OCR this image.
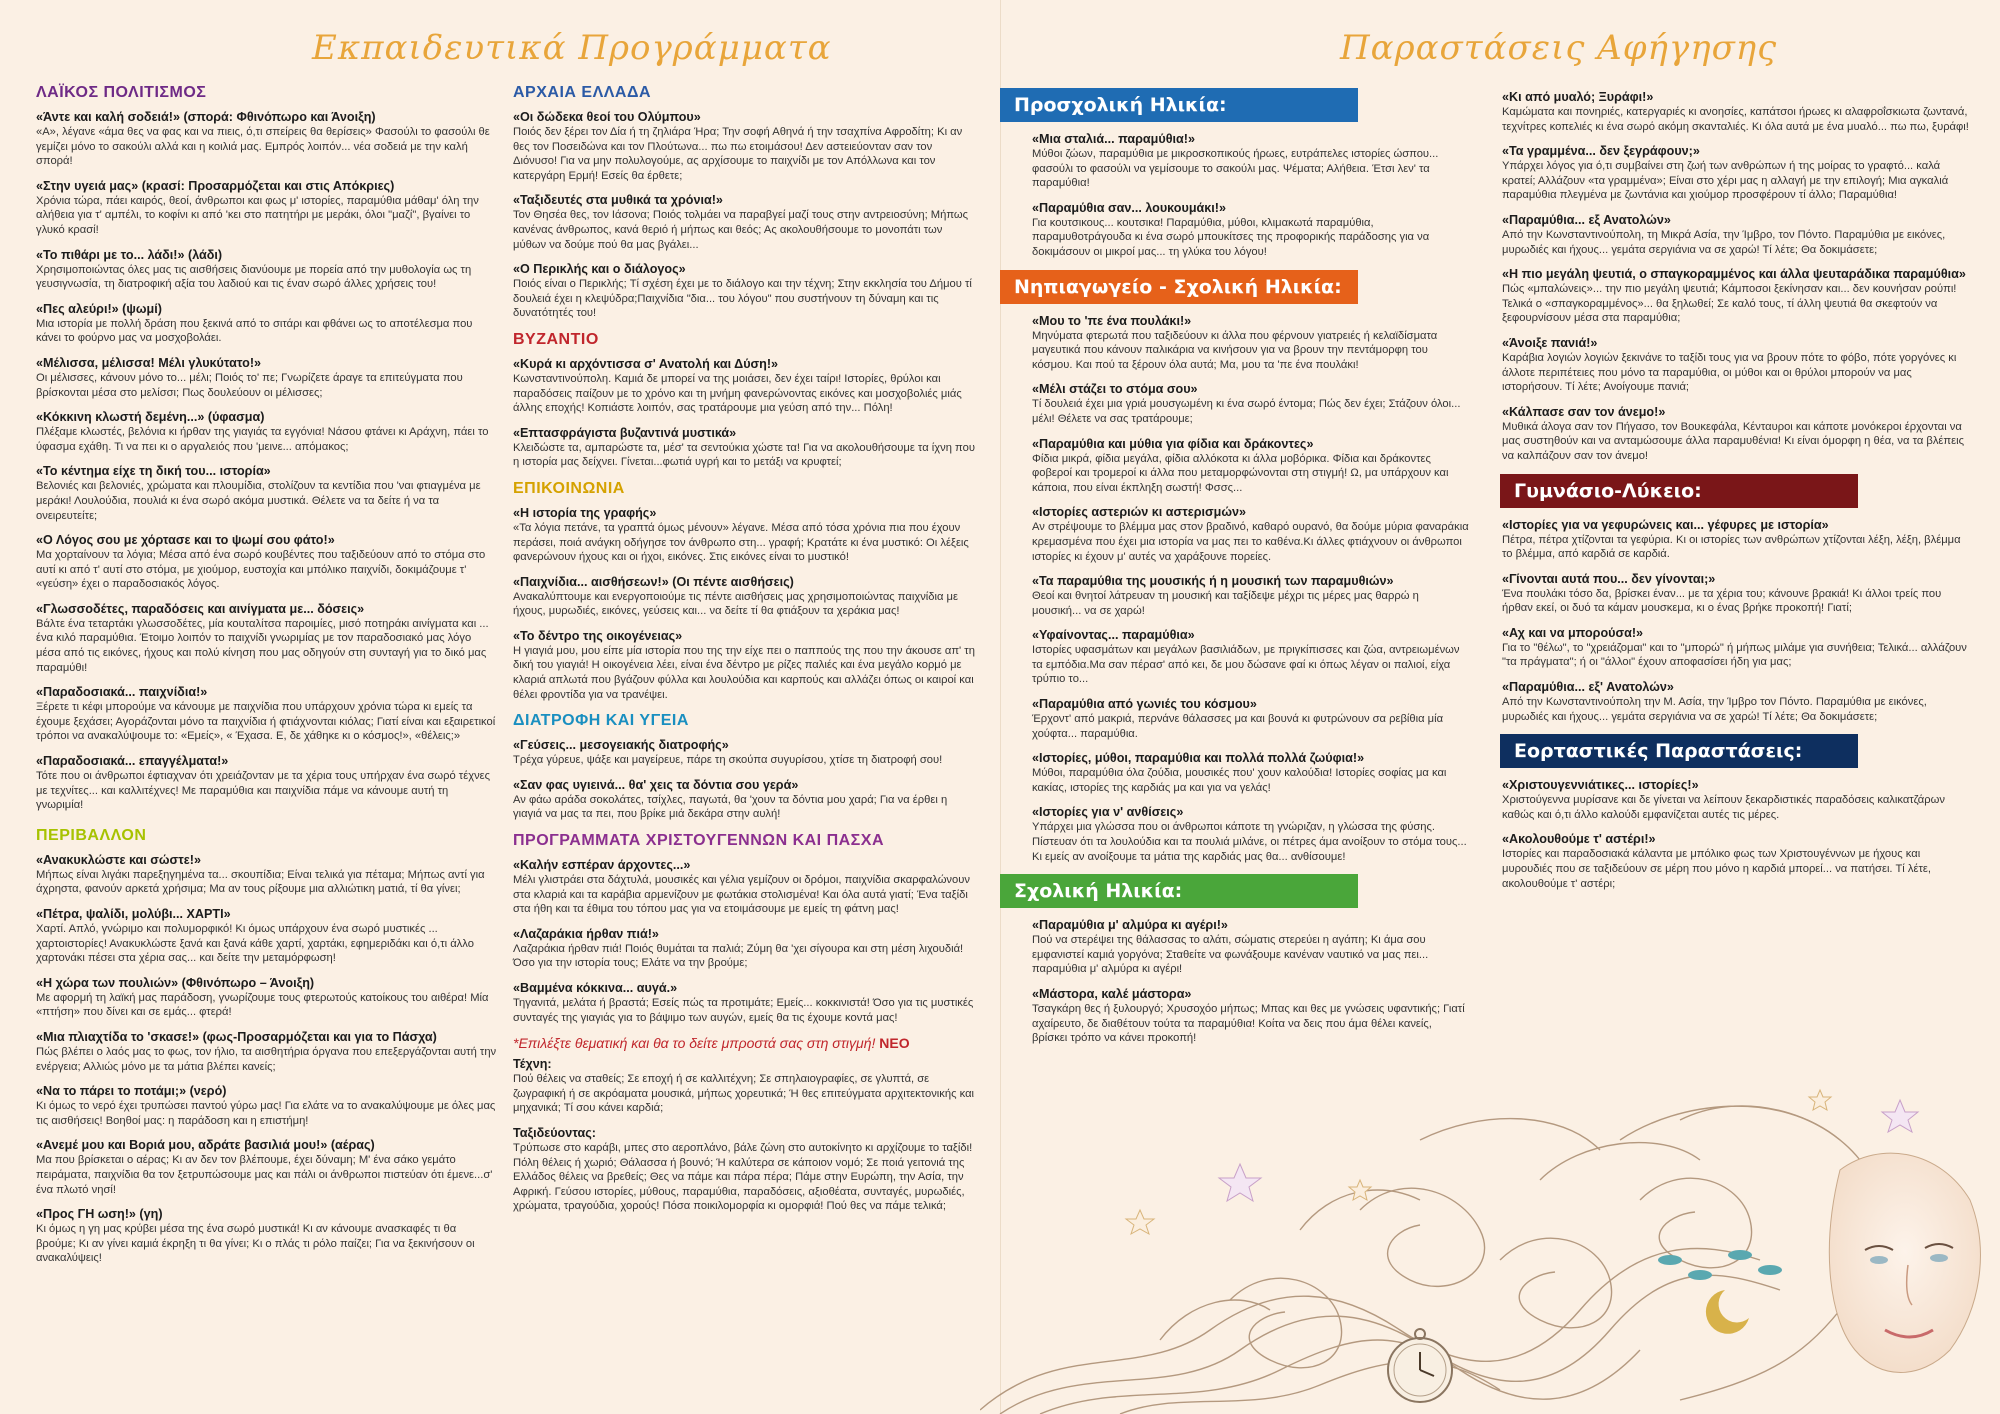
Εκπαιδευτικά Προγράμματα	Παραστάσεις Αφήγησης
ΛΑΪΚΟΣ ΠΟΛΙΤΙΣΜΟΣ
«Άντε και καλή σοδειά!» (σπορά: Φθινόπωρο και Άνοιξη)
«Α», λέγανε «άμα θες να φας και να πιεις, ό,τι σπείρεις θα θερίσεις» Φασούλι το φασούλι θε γεμίζει μόνο το σακούλι αλλά και η κοιλιά μας. Εμπρός λοιπόν... νέα σοδειά με την καλή σπορά!
«Στην υγειά μας» (κρασί: Προσαρμόζεται και στις Απόκριες)
Χρόνια τώρα, πάει καιρός, θεοί, άνθρωποι και φως μ' ιστορίες, παραμύθια μάθαμ' όλη την αλήθεια για τ' αμπέλι, το κοφίνι κι από 'κει στο πατητήρι με μεράκι, όλοι "μαζί", βγαίνει το γλυκό κρασί!
«Το πιθάρι με το... λάδι!» (λάδι)
Χρησιμοποιώντας όλες μας τις αισθήσεις διανύουμε με πορεία από την μυθολογία ως τη γευσιγνωσία, τη διατροφική αξία του λαδιού και τις έναν σωρό άλλες χρήσεις του!
«Πες αλεύρι!» (ψωμί)
Μια ιστορία με πολλή δράση που ξεκινά από το σιτάρι και φθάνει ως το αποτέλεσμα που κάνει το φούρνο μας να μοσχοβολάει.
«Μέλισσα, μέλισσα! Μέλι γλυκύτατο!»
Οι μέλισσες, κάνουν μόνο το... μέλι; Ποιός το' πε; Γνωρίζετε άραγε τα επιτεύγματα που βρίσκονται μέσα στο μελίσσι; Πως δουλεύουν οι μέλισσες;
«Κόκκινη κλωστή δεμένη...» (ύφασμα)
Πλέξαμε κλωστές, βελόνια κι ήρθαν της γιαγιάς τα εγγόνια! Νάσου φτάνει κι Αράχνη, πάει το ύφασμα εχάθη. Τι να πει κι ο αργαλειός που 'μεινε... απόμακος;
«Το κέντημα είχε τη δική του... ιστορία»
Βελονιές και βελονιές, χρώματα και πλουμίδια, στολίζουν τα κεντίδια που 'ναι φτιαγμένα με μεράκι! Λουλούδια, πουλιά κι ένα σωρό ακόμα μυστικά. Θέλετε να τα δείτε ή να τα ονειρευτείτε;
«Ο Λόγος σου με χόρτασε και το ψωμί σου φάτο!»
Μα χορταίνουν τα λόγια; Μέσα από ένα σωρό κουβέντες που ταξιδεύουν από το στόμα στο αυτί κι από τ' αυτί στο στόμα, με χιούμορ, ευστοχία και μπόλικο παιχνίδι, δοκιμάζουμε τ' «γεύση» έχει ο παραδοσιακός λόγος.
«Γλωσσοδέτες, παραδόσεις και αινίγματα με... δόσεις»
Βάλτε ένα τεταρτάκι γλωσσοδέτες, μία κουταλίτσα παροιμίες, μισό ποτηράκι αινίγματα και ... ένα κιλό παραμύθια. Έτοιμο λοιπόν το παιχνίδι γνωριμίας με τον παραδοσιακό μας λόγο μέσα από τις εικόνες, ήχους και πολύ κίνηση που μας οδηγούν στη συνταγή για το δικό μας παραμύθι!
«Παραδοσιακά... παιχνίδια!»
Ξέρετε τι κέφι μπορούμε να κάνουμε με παιχνίδια που υπάρχουν χρόνια τώρα κι εμείς τα έχουμε ξεχάσει; Αγοράζονται μόνο τα παιχνίδια ή φτιάχνονται κιόλας; Γιατί είναι και εξαιρετικοί τρόποι να ανακαλύψουμε το: «Εμείς», « Έχασα. Ε, δε χάθηκε κι ο κόσμος!», «θέλεις;»
«Παραδοσιακά... επαγγέλματα!»
Τότε που οι άνθρωποι έφτιαχναν ότι χρειάζονταν με τα χέρια τους υπήρχαν ένα σωρό τέχνες με τεχνίτες... και καλλιτέχνες! Με παραμύθια και παιχνίδια πάμε να κάνουμε αυτή τη γνωριμία!
ΠΕΡΙΒΑΛΛΟΝ
«Ανακυκλώστε και σώστε!»
Μήπως είναι λιγάκι παρεξηγημένα τα... σκουπίδια; Είναι τελικά για πέταμα; Μήπως αντί για άχρηστα, φανούν αρκετά χρήσιμα; Μα αν τους ρίξουμε μια αλλιώτικη ματιά, τί θα γίνει;
«Πέτρα, ψαλίδι, μολύβι... ΧΑΡΤΙ»
Χαρτί. Απλό, γνώριμο και πολυμορφικό! Κι όμως υπάρχουν ένα σωρό μυστικές ... χαρτοιστορίες! Ανακυκλώστε ξανά και ξανά κάθε χαρτί, χαρτάκι, εφημεριδάκι και ό,τι άλλο χαρτονάκι πέσει στα χέρια σας... και δείτε την μεταμόρφωση!
«Η χώρα των πουλιών» (Φθινόπωρο – Άνοιξη)
Με αφορμή τη λαϊκή μας παράδοση, γνωρίζουμε τους φτερωτούς κατοίκους του αιθέρα! Μία «πτήση» που δίνει και σε εμάς... φτερά!
«Μια πλιαχτίδα το 'σκασε!» (φως-Προσαρμόζεται και για το Πάσχα)
Πώς βλέπει ο λαός μας το φως, τον ήλιο, τα αισθητήρια όργανα που επεξεργάζονται αυτή την ενέργεια; Αλλιώς μόνο με τα μάτια βλέπει κανείς;
«Να το πάρει το ποτάμι;» (νερό)
Κι όμως το νερό έχει τρυπώσει παντού γύρω μας! Για ελάτε να το ανακαλύψουμε με όλες μας τις αισθήσεις! Βοηθοί μας: η παράδοση και η επιστήμη!
«Ανεμέ μου και Βοριά μου, αδράτε βασιλιά μου!» (αέρας)
Μα που βρίσκεται ο αέρας; Κι αν δεν τον βλέπουμε, έχει δύναμη; Μ' ένα σάκο γεμάτο πειράματα, παιχνίδια θα τον ξετρυπώσουμε μας και πάλι οι άνθρωποι πιστεύαν ότι έμενε...σ' ένα πλωτό νησί!
«Προς ΓΗ ωση!» (γη)
Κι όμως η γη μας κρύβει μέσα της ένα σωρό μυστικά! Κι αν κάνουμε ανασκαφές τι θα βρούμε; Κι αν γίνει καμιά έκρηξη τι θα γίνει; Κι ο πλάς τι ρόλο παίζει; Για να ξεκινήσουν οι ανακαλύψεις!
ΑΡΧΑΙΑ ΕΛΛΑΔΑ
«Οι δώδεκα θεοί του Ολύμπου»
Ποιός δεν ξέρει τον Δία ή τη ζηλιάρα Ήρα; Την σοφή Αθηνά ή την τσαχπίνα Αφροδίτη; Κι αν θες τον Ποσειδώνα και τον Πλούτωνα... πω πω ετοιμάσου! Δεν αστειεύονταν σαν τον Διόνυσο! Για να μην πολυλογούμε, ας αρχίσουμε το παιχνίδι με τον Απόλλωνα και τον κατεργάρη Ερμή! Εσείς θα έρθετε;
«Ταξιδευτές στα μυθικά τα χρόνια!»
Τον Θησέα θες, τον Ιάσονα; Ποιός τολμάει να παραβγεί μαζί τους στην αντρειοσύνη; Μήπως κανένας άνθρωπος, κανά θεριό ή μήπως και θεός; Ας ακολουθήσουμε το μονοπάτι των μύθων να δούμε πού θα μας βγάλει...
«Ο Περικλής και ο διάλογος»
Ποιός είναι ο Περικλής; Τί σχέση έχει με το διάλογο και την τέχνη; Στην εκκλησία του Δήμου τί δουλειά έχει η κλεψύδρα;Παιχνίδια "δια... του λόγου" που συστήνουν τη δύναμη και τις δυνατότητές του!
ΒΥΖΑΝΤΙΟ
«Κυρά κι αρχόντισσα σ' Ανατολή και Δύση!»
Κωνσταντινούπολη. Καμιά δε μπορεί να της μοιάσει, δεν έχει ταίρι! Ιστορίες, θρύλοι και παραδόσεις παίζουν με το χρόνο και τη μνήμη φανερώνοντας εικόνες και μοσχοβολιές μιάς άλλης εποχής! Κοπιάστε λοιπόν, σας τρατάρουμε μια γεύση από την... Πόλη!
«Επτασφράγιστα βυζαντινά μυστικά»
Κλειδώστε τα, αμπαρώστε τα, μέσ' τα σεντούκια χώστε τα! Για να ακολουθήσουμε τα ίχνη που η ιστορία μας δείχνει. Γίνεται...φωτιά υγρή και το μετάξι να κρυφτεί;
ΕΠΙΚΟΙΝΩΝΙΑ
«Η ιστορία της γραφής»
«Τα λόγια πετάνε, τα γραπτά όμως μένουν» λέγανε. Μέσα από τόσα χρόνια πια που έχουν περάσει, ποιά ανάγκη οδήγησε τον άνθρωπο στη... γραφή; Κρατάτε κι ένα μυστικό: Οι λέξεις φανερώνουν ήχους και οι ήχοι, εικόνες. Στις εικόνες είναι το μυστικό!
«Παιχνίδια... αισθήσεων!» (Οι πέντε αισθήσεις)
Ανακαλύπτουμε και ενεργοποιούμε τις πέντε αισθήσεις μας χρησιμοποιώντας παιχνίδια με ήχους, μυρωδιές, εικόνες, γεύσεις και... να δείτε τί θα φτιάξουν τα χεράκια μας!
«Το δέντρο της οικογένειας»
Η γιαγιά μου, μου είπε μία ιστορία που της την είχε πει ο παππούς της που την άκουσε απ' τη δική του γιαγιά! Η οικογένεια λέει, είναι ένα δέντρο με ρίζες παλιές και ένα μεγάλο κορμό με κλαριά απλωτά που βγάζουν φύλλα και λουλούδια και καρπούς και αλλάζει όπως οι καιροί και θέλει φροντίδα για να τρανέψει.
ΔΙΑΤΡΟΦΗ ΚΑΙ ΥΓΕΙΑ
«Γεύσεις... μεσογειακής διατροφής»
Τρέχα γύρευε, ψάξε και μαγείρευε, πάρε τη σκούπα συγυρίσου, χτίσε τη διατροφή σου!
«Σαν φας υγιεινά... θα' χεις τα δόντια σου γερά»
Αν φάω αράδα σοκολάτες, τσίχλες, παγωτά, θα 'χουν τα δόντια μου χαρά; Για να έρθει η γιαγιά να μας τα πει, που βρίκε μιά δεκάρα στην αυλή!
ΠΡΟΓΡΑΜΜΑΤΑ ΧΡΙΣΤΟΥΓΕΝΝΩΝ ΚΑΙ ΠΑΣΧΑ
«Καλήν εσπέραν άρχοντες...»
Μέλι γλιστράει στα δάχτυλά, μουσικές και γέλια γεμίζουν οι δρόμοι, παιχνίδια σκαρφαλώνουν στα κλαριά και τα καράβια αρμενίζουν με φωτάκια στολισμένα! Και όλα αυτά γιατί; Ένα ταξίδι στα ήθη και τα έθιμα του τόπου μας για να ετοιμάσουμε με εμείς τη φάτνη μας!
«Λαζαράκια ήρθαν πιά!»
Λαζαράκια ήρθαν πιά! Ποιός θυμάται τα παλιά; Ζύμη θα 'χει σίγουρα και στη μέση λιχουδιά! Όσο για την ιστορία τους; Ελάτε να την βρούμε;
«Βαμμένα κόκκινα... αυγά.»
Τηγανιτά, μελάτα ή βραστά; Εσείς πώς τα προτιμάτε; Εμείς... κοκκινιστά! Όσο για τις μυστικές συνταγές της γιαγιάς για το βάψιμο των αυγών, εμείς θα τις έχουμε κοντά μας!
*Επιλέξτε θεματική και θα το δείτε μπροστά σας στη στιγμή! ΝΕΟ
Τέχνη:
Πού θέλεις να σταθείς; Σε εποχή ή σε καλλιτέχνη; Σε σπηλαιογραφίες, σε γλυπτά, σε ζωγραφική ή σε ακρόαματα μουσικά, μήπως χορευτικά; Ή θες επιτεύγματα αρχιτεκτονικής και μηχανικά; Τί σου κάνει καρδιά;
Ταξιδεύοντας:
Τρύπωσε στο καράβι, μπες στο αεροπλάνο, βάλε ζώνη στο αυτοκίνητο κι αρχίζουμε το ταξίδι! Πόλη θέλεις ή χωριό; Θάλασσα ή βουνό; Ή καλύτερα σε κάποιον νομό; Σε ποιά γειτονιά της Ελλάδος θέλεις να βρεθείς; Θες να πάμε και πάρα πέρα; Πάμε στην Ευρώπη, την Ασία, την Αφρική. Γεύσου ιστορίες, μύθους, παραμύθια, παραδόσεις, αξιοθέατα, συνταγές, μυρωδιές, χρώματα, τραγούδια, χορούς! Πόσα ποικιλομορφία κι ομορφιά! Πού θες να πάμε τελικά;
Προσχολική Ηλικία:
«Μια σταλιά... παραμύθια!»
Μύθοι ζώων, παραμύθια με μικροσκοπικούς ήρωες, ευτράπελες ιστορίες ώσπου... φασούλι το φασούλι να γεμίσουμε το σακούλι μας. Ψέματα; Αλήθεια. Έτσι λεν' τα παραμύθια!
«Παραμύθια σαν... λουκουμάκι!»
Για κουτσικους... κουτσικα! Παραμύθια, μύθοι, κλιμακωτά παραμύθια, παραμυθοτράγουδα κι ένα σωρό μπουκίτσες της προφορικής παράδοσης για να δοκιμάσουν οι μικροί μας... τη γλύκα του λόγου!
Νηπιαγωγείο - Σχολική Ηλικία:
«Μου το 'πε ένα πουλάκι!»
Μηνύματα φτερωτά που ταξιδεύουν κι άλλα που φέρνουν γιατρειές ή κελαϊδίσματα μαγευτικά που κάνουν παλικάρια να κινήσουν για να βρουν την πεντάμορφη του κόσμου. Και πού τα ξέρουν όλα αυτά; Μα, μου τα 'πε ένα πουλάκι!
«Μέλι στάζει το στόμα σου»
Τί δουλειά έχει μια γριά μουσγωμένη κι ένα σωρό έντομα; Πώς δεν έχει; Στάζουν όλοι... μέλι! Θέλετε να σας τρατάρουμε;
«Παραμύθια και μύθια για φίδια και δράκοντες»
Φίδια μικρά, φίδια μεγάλα, φίδια αλλόκοτα κι άλλα μοβόρικα. Φίδια και δράκοντες φοβεροί και τρομεροί κι άλλα που μεταμορφώνονται στη στιγμή! Ω, μα υπάρχουν και κάποια, που είναι έκπληξη σωστή! Φσσς...
«Ιστορίες αστεριών κι αστερισμών»
Αν στρέψουμε το βλέμμα μας στον βραδινό, καθαρό ουρανό, θα δούμε μύρια φαναράκια κρεμασμένα που έχει μια ιστορία να μας πει το καθένα.Κι άλλες φτιάχνουν οι άνθρωποι ιστορίες κι έχουν μ' αυτές να χαράξουνε πορείες.
«Τα παραμύθια της μουσικής ή η μουσική των παραμυθιών»
Θεοί και θνητοί λάτρευαν τη μουσική και ταξίδεψε μέχρι τις μέρες μας θαρρώ η μουσική... να σε χαρώ!
«Υφαίνοντας... παραμύθια»
Ιστορίες υφασμάτων και μεγάλων βασιλιάδων, με πριγκίπισσες και ζώα, αντρειωμένων τα εμπόδια.Μα σαν πέρασ' από κει, δε μου δώσανε φαί κι όπως λέγαν οι παλιοί, είχα τρύπιο το...
«Παραμύθια από γωνιές του κόσμου»
Έρχοντ' από μακριά, περνάνε θάλασσες μα και βουνά κι φυτρώνουν σα ρεβίθια μία χούφτα... παραμύθια.
«Ιστορίες, μύθοι, παραμύθια και πολλά πολλά ζωύφια!»
Μύθοι, παραμύθια όλα ζούδια, μουσικές που' χουν καλούδια! Ιστορίες σοφίας μα και κακίας, ιστορίες της καρδιάς μα και για να γελάς!
«Ιστορίες για ν' ανθίσεις»
Υπάρχει μια γλώσσα που οι άνθρωποι κάποτε τη γνώριζαν, η γλώσσα της φύσης. Πίστευαν ότι τα λουλούδια και τα πουλιά μιλάνε, οι πέτρες άμα ανοίξουν το στόμα τους... Κι εμείς αν ανοίξουμε τα μάτια της καρδιάς μας θα... ανθίσουμε!
Σχολική Ηλικία:
«Παραμύθια μ' αλμύρα κι αγέρι!»
Πού να στερέψει της θάλασσας το αλάτι, σώματις στερεύει η αγάπη; Κι άμα σου εμφανιστεί καμιά γοργόνα; Σταθείτε να φωνάξουμε κανέναν ναυτικό να μας πει... παραμύθια μ' αλμύρα κι αγέρι!
«Μάστορα, καλέ μάστορα»
Τσαγκάρη θες ή ξυλουργό; Χρυσοχόο μήπως; Μπας και θες με γνώσεις υφαντικής; Γιατί αχαίρευτο, δε διαθέτουν τούτα τα παραμύθια! Κοίτα να δεις που άμα θέλει κανείς, βρίσκει τρόπο να κάνει προκοπή!
«Κι από μυαλό; Ξυράφι!»
Καμώματα και πονηριές, κατεργαριές κι ανοησίες, καπάτσοι ήρωες κι αλαφροΐσκιωτα ζωντανά, τεχνίτρες κοπελιές κι ένα σωρό ακόμη σκανταλιές. Κι όλα αυτά με ένα μυαλό... πω πω, ξυράφι!
«Τα γραμμένα... δεν ξεγράφουν;»
Υπάρχει λόγος για ό,τι συμβαίνει στη ζωή των ανθρώπων ή της μοίρας το γραφτό... καλά κρατεί; Αλλάζουν «τα γραμμένα»; Είναι στο χέρι μας η αλλαγή με την επιλογή; Μια αγκαλιά παραμύθια πλεγμένα με ζωντάνια και χιούμορ προσφέρουν τί άλλο; Παραμύθια!
«Παραμύθια... εξ Ανατολών»
Από την Κωνσταντινούπολη, τη Μικρά Ασία, την Ίμβρο, τον Πόντο. Παραμύθια με εικόνες, μυρωδιές και ήχους... γεμάτα σεργιάνια να σε χαρώ! Τί λέτε; Θα δοκιμάσετε;
«Η πιο μεγάλη ψευτιά, ο σπαγκοραμμένος και άλλα ψευταράδικα παραμύθια»
Πώς «μπαλώνεις»... την πιο μεγάλη ψευτιά; Κάμποσοι ξεκίνησαν και... δεν κουνήσαν ρούπι! Τελικά ο «σπαγκοραμμένος»... θα ξηλωθεί; Σε καλό τους, τί άλλη ψευτιά θα σκεφτούν να ξεφουρνίσουν μέσα στα παραμύθια;
«Άνοιξε πανιά!»
Καράβια λογιών λογιών ξεκινάνε το ταξίδι τους για να βρουν πότε το φόβο, πότε γοργόνες κι άλλοτε περιπέτειες που μόνο τα παραμύθια, οι μύθοι και οι θρύλοι μπορούν να μας ιστορήσουν. Τί λέτε; Ανοίγουμε πανιά;
«Κάλπασε σαν τον άνεμο!»
Μυθικά άλογα σαν τον Πήγασο, τον Βουκεφάλα, Κένταυροι και κάποτε μονόκεροι έρχονται να μας συστηθούν και να ανταμώσουμε άλλα παραμυθένια! Κι είναι όμορφη η θέα, να τα βλέπεις να καλπάζουν σαν τον άνεμο!
Γυμνάσιο-Λύκειο:
«Ιστορίες για να γεφυρώνεις και... γέφυρες με ιστορία»
Πέτρα, πέτρα χτίζονται τα γεφύρια. Κι οι ιστορίες των ανθρώπων χτίζονται λέξη, λέξη, βλέμμα το βλέμμα, από καρδιά σε καρδιά.
«Γίνονται αυτά που... δεν γίνονται;»
Ένα πουλάκι τόσο δα, βρίσκει έναν... με τα χέρια του; κάνουνε βρακιά! Κι άλλοι τρείς που ήρθαν εκεί, οι δυό τα κάμαν μουσκεμα, κι ο ένας βρήκε προκοπή! Γιατί;
«Αχ και να μπορούσα!»
Για το "θέλω", το "χρειάζομαι" και το "μπορώ" ή μήπως μιλάμε για συνήθεια; Τελικά... αλλάζουν "τα πράγματα"; ή οι "άλλοι" έχουν αποφασίσει ήδη για μας;
«Παραμύθια... εξ' Ανατολών»
Από την Κωνσταντινούπολη την Μ. Ασία, την Ίμβρο τον Πόντο. Παραμύθια με εικόνες, μυρωδιές και ήχους... γεμάτα σεργιάνια να σε χαρώ! Τί λέτε; Θα δοκιμάσετε;
Εορταστικές Παραστάσεις:
«Χριστουγεννιάτικες... ιστορίες!»
Χριστούγεννα μυρίσανε και δε γίνεται να λείπουν ξεκαρδιστικές παραδόσεις καλικατζάρων καθώς και ό,τι άλλο καλούδι εμφανίζεται αυτές τις μέρες.
«Ακολουθούμε τ' αστέρι!»
Ιστορίες και παραδοσιακά κάλαντα με μπόλικο φως των Χριστουγέννων με ήχους και μυρουδιές που σε ταξιδεύουν σε μέρη που μόνο η καρδιά μπορεί... να πατήσει. Τί λέτε, ακολουθούμε τ' αστέρι;
